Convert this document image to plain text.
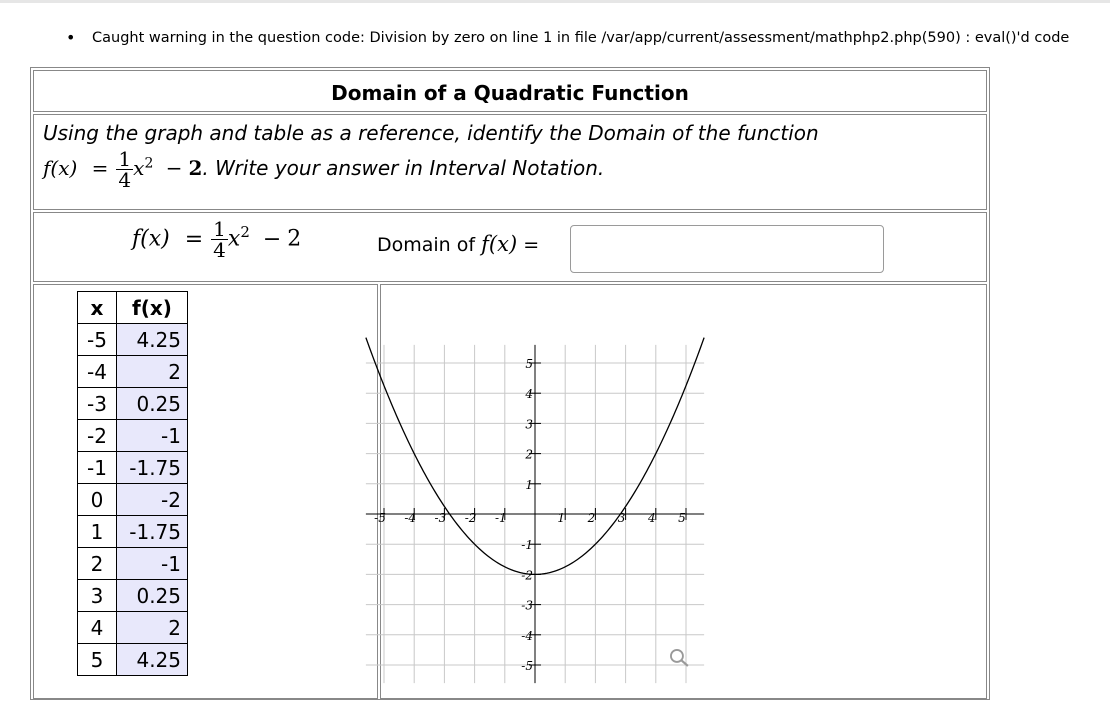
• Caught warning in the question code: Division by zero on line 1 in file /var/app/current/assessment/mathphp2.php(590) : eval()'d code
Domain of a Quadratic Function
Using the graph and table as a reference, identify the Domain of the function
$f(x) = \frac{1}{4} x^2 - 2$. Write your answer in Interval Notation.
$f(x) = \frac{1}{4} x^2 - 2$	Domain of f(x) =
x	f(x)
-5	4.25
-4	2
-3	0.25
-2	-1
-1	-1.75
0	-2
1	-1.75
2	-1
3	0.25
4	2
5	4.25
-5 -4 -3 -2 -1	1 2 3 4 5
5
4
3
2
1
-1
-2
-3
-4
-5
